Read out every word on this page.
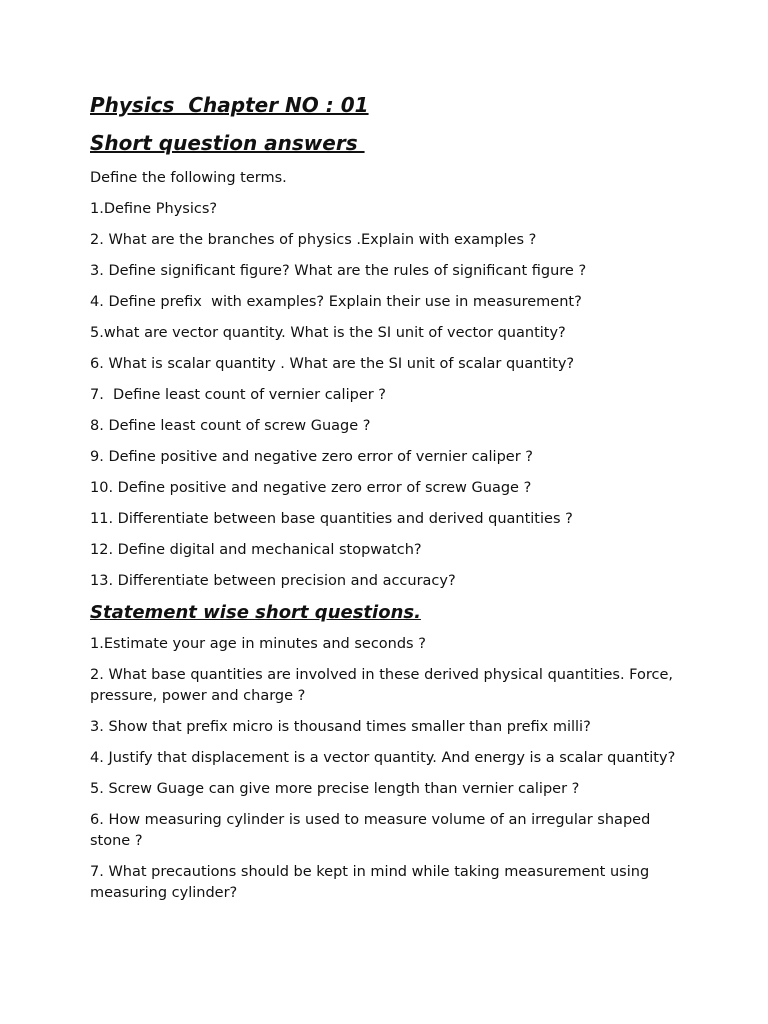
Physics  Chapter NO : 01
Short question answers

Define the following terms.

1.Define Physics?
2. What are the branches of physics .Explain with examples ?
3. Define significant figure? What are the rules of significant figure ?
4. Define prefix  with examples? Explain their use in measurement?
5.what are vector quantity. What is the SI unit of vector quantity?
6. What is scalar quantity . What are the SI unit of scalar quantity?
7.  Define least count of vernier caliper ?
8. Define least count of screw Guage ?
9. Define positive and negative zero error of vernier caliper ?
10. Define positive and negative zero error of screw Guage ?
11. Differentiate between base quantities and derived quantities ?
12. Define digital and mechanical stopwatch?
13. Differentiate between precision and accuracy?
Statement wise short questions.
1.Estimate your age in minutes and seconds ?
2. What base quantities are involved in these derived physical quantities. Force, pressure, power and charge ?
3. Show that prefix micro is thousand times smaller than prefix milli?
4. Justify that displacement is a vector quantity. And energy is a scalar quantity?
5. Screw Guage can give more precise length than vernier caliper ?
6. How measuring cylinder is used to measure volume of an irregular shaped stone ?
7. What precautions should be kept in mind while taking measurement using measuring cylinder?
